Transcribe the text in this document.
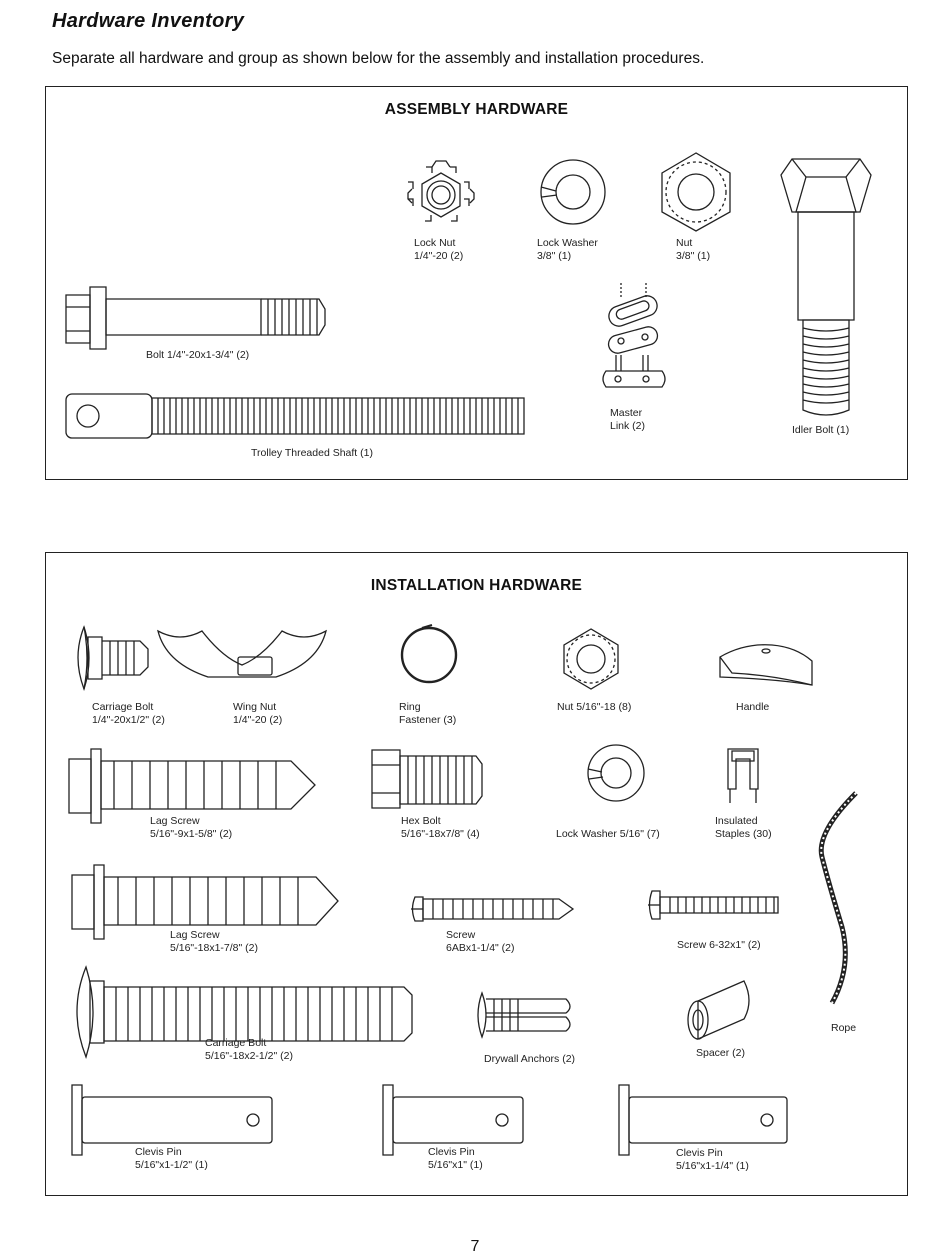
Hardware Inventory
Separate all hardware and group as shown below for the assembly and installation procedures.
ASSEMBLY HARDWARE
Lock Nut
1/4"-20 (2)
Lock Washer
3/8" (1)
Nut
3/8" (1)
Bolt 1/4"-20x1-3/4" (2)
Master
Link (2)
Trolley Threaded Shaft (1)
Idler Bolt (1)
INSTALLATION HARDWARE
Carriage Bolt
1/4"-20x1/2" (2)
Wing Nut
1/4"-20 (2)
Ring
Fastener (3)
Nut 5/16"-18 (8)	Handle
Lag Screw
5/16"-9x1-5/8" (2)
Hex Bolt
5/16"-18x7/8" (4)	Lock Washer 5/16" (7)
Insulated
Staples (30)
Lag Screw
5/16"-18x1-7/8" (2)
Screw
6ABx1-1/4" (2)	Screw 6-32x1" (2)
Carriage Bolt
5/16"-18x2-1/2" (2)	Drywall Anchors (2)	Spacer (2)
Rope
Clevis Pin
5/16"x1-1/2" (1)
Clevis Pin
5/16"x1" (1)
Clevis Pin
5/16"x1-1/4" (1)
7
